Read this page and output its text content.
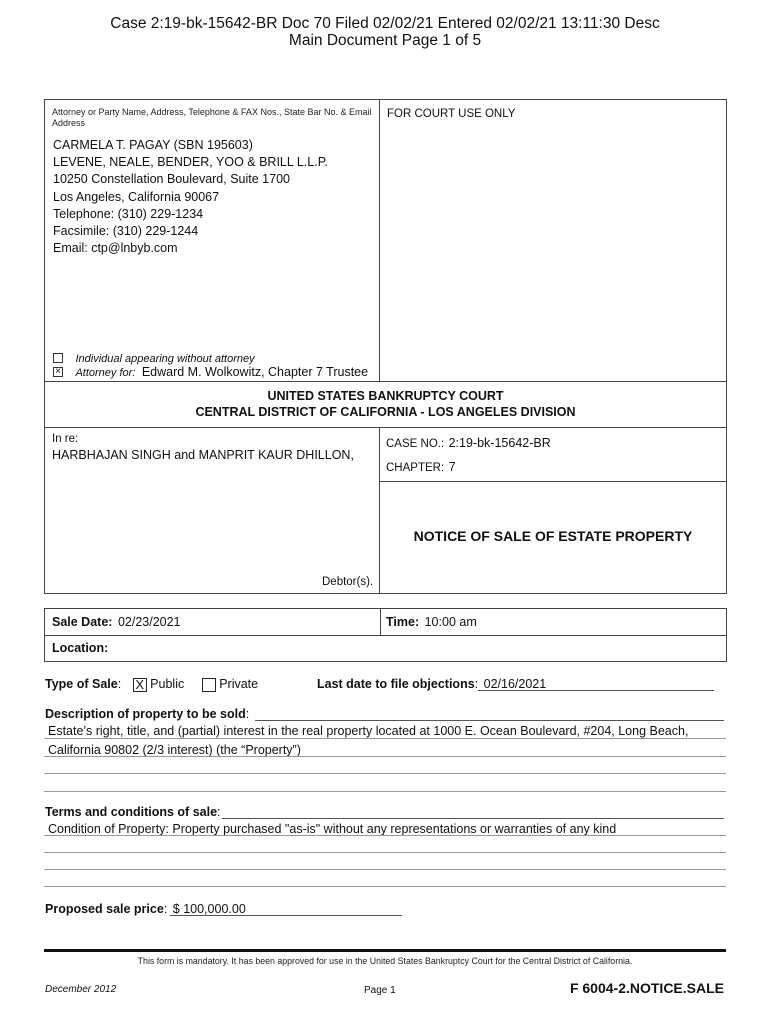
Case 2:19-bk-15642-BR Doc 70 Filed 02/02/21 Entered 02/02/21 13:11:30 Desc
Main Document Page 1 of 5
Attorney or Party Name, Address, Telephone & FAX Nos., State Bar No. & Email Address
FOR COURT USE ONLY
CARMELA T. PAGAY (SBN 195603)
LEVENE, NEALE, BENDER, YOO & BRILL L.L.P.
10250 Constellation Boulevard, Suite 1700
Los Angeles, California 90067
Telephone: (310) 229-1234
Facsimile: (310) 229-1244
Email: ctp@lnbyb.com
Individual appearing without attorney
× Attorney for: Edward M. Wolkowitz, Chapter 7 Trustee
UNITED STATES BANKRUPTCY COURT
CENTRAL DISTRICT OF CALIFORNIA - LOS ANGELES DIVISION
In re:
HARBHAJAN SINGH and MANPRIT KAUR DHILLON,
Debtor(s).
CASE NO.: 2:19-bk-15642-BR
CHAPTER: 7
NOTICE OF SALE OF ESTATE PROPERTY
Sale Date: 02/23/2021	Time: 10:00 am
Location:
Type of Sale: X Public	Private	Last date to file objections: 02/16/2021
Description of property to be sold:
Estate’s right, title, and (partial) interest in the real property located at 1000 E. Ocean Boulevard, #204, Long Beach,
California 90802 (2/3 interest) (the “Property”)
Terms and conditions of sale:
Condition of Property: Property purchased "as-is" without any representations or warranties of any kind
Proposed sale price: $ 100,000.00
This form is mandatory. It has been approved for use in the United States Bankruptcy Court for the Central District of California.
December 2012	Page 1	F 6004-2.NOTICE.SALE
